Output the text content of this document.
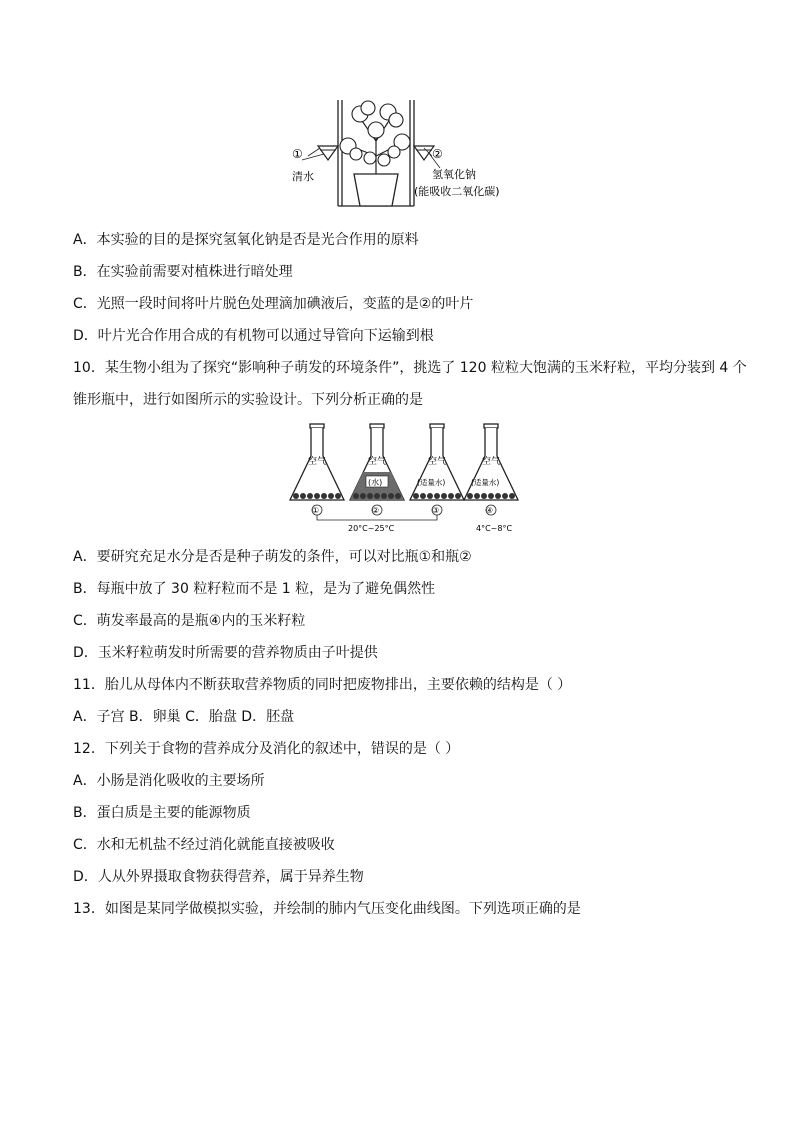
①	②
清水	氢氧化钠
(能吸收二氧化碳)
A．本实验的目的是探究氢氧化钠是否是光合作用的原料
B．在实验前需要对植株进行暗处理
C．光照一段时间将叶片脱色处理滴加碘液后，变蓝的是②的叶片
D．叶片光合作用合成的有机物可以通过导管向下运输到根
10．某生物小组为了探究“影响种子萌发的环境条件”，挑选了 120 粒粒大饱满的玉米籽粒，平均分装到 4 个
锥形瓶中，进行如图所示的实验设计。下列分析正确的是
空气	空气	空气	空气
(水)	(适量水)	(适量水)
①	②	③	④
20°C~25°C	4°C~8°C
A．要研究充足水分是否是种子萌发的条件，可以对比瓶①和瓶②
B．每瓶中放了 30 粒籽粒而不是 1 粒，是为了避免偶然性
C．萌发率最高的是瓶④内的玉米籽粒
D．玉米籽粒萌发时所需要的营养物质由子叶提供
11．胎儿从母体内不断获取营养物质的同时把废物排出，主要依赖的结构是（ ）
A．子宫 B．卵巢 C．胎盘 D．胚盘
12．下列关于食物的营养成分及消化的叙述中，错误的是（ ）
A．小肠是消化吸收的主要场所
B．蛋白质是主要的能源物质
C．水和无机盐不经过消化就能直接被吸收
D．人从外界摄取食物获得营养，属于异养生物
13．如图是某同学做模拟实验，并绘制的肺内气压变化曲线图。下列选项正确的是
